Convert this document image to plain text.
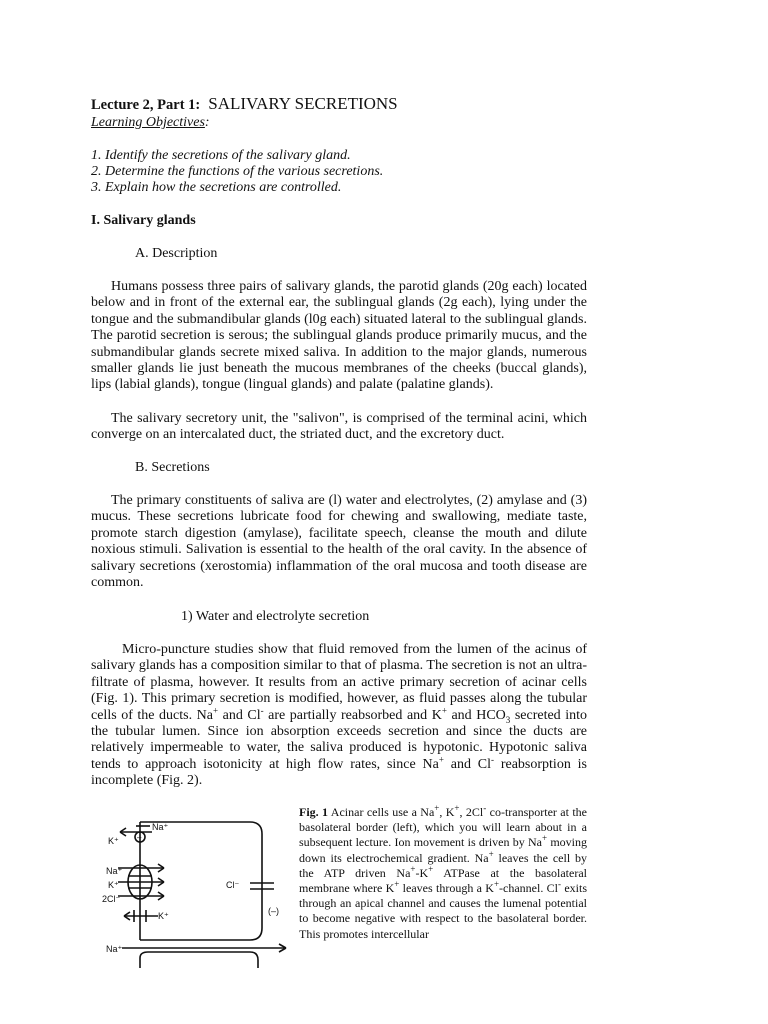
Lecture 2, Part 1: SALIVARY SECRETIONS
Learning Objectives:
1. Identify the secretions of the salivary gland.
2. Determine the functions of the various secretions.
3. Explain how the secretions are controlled.
I. Salivary glands
A. Description

Humans possess three pairs of salivary glands, the parotid glands (20g each) located below and in front of the external ear, the sublingual glands (2g each), lying under the tongue and the submandibular glands (l0g each) situated lateral to the sublingual glands. The parotid secretion is serous; the sublingual glands produce primarily mucus, and the submandibular glands secrete mixed saliva. In addition to the major glands, numerous smaller glands lie just beneath the mucous membranes of the cheeks (buccal glands), lips (labial glands), tongue (lingual glands) and palate (palatine glands).

The salivary secretory unit, the "salivon", is comprised of the terminal acini, which converge on an intercalated duct, the striated duct, and the excretory duct.

B. Secretions

The primary constituents of saliva are (l) water and electrolytes, (2) amylase and (3) mucus. These secretions lubricate food for chewing and swallowing, mediate taste, promote starch digestion (amylase), facilitate speech, cleanse the mouth and dilute noxious stimuli. Salivation is essential to the health of the oral cavity. In the absence of salivary secretions (xerostomia) inflammation of the oral mucosa and tooth disease are common.

1) Water and electrolyte secretion

Micro-puncture studies show that fluid removed from the lumen of the acinus of salivary glands has a composition similar to that of plasma. The secretion is not an ultra-filtrate of plasma, however. It results from an active primary secretion of acinar cells (Fig. 1). This primary secretion is modified, however, as fluid passes along the tubular cells of the ducts. Na+ and Cl- are partially reabsorbed and K+ and $HCO_3$ secreted into the tubular lumen. Since ion absorption exceeds secretion and since the ducts are relatively impermeable to water, the saliva produced is hypotonic. Hypotonic saliva tends to approach isotonicity at high flow rates, since Na+ and Cl- reabsorption is incomplete (Fig. 2).

K⁺
Na⁺
Na⁺
K⁺
2Cl⁻
K⁺
Cl⁻
(–)
Na⁺
–
Fig. 1 Acinar cells use a Na+, K+, 2Cl- co-transporter at the basolateral border (left), which you will learn about in a subsequent lecture. Ion movement is driven by Na+ moving down its electrochemical gradient. Na+ leaves the cell by the ATP driven Na+-K+ ATPase at the basolateral membrane where K+ leaves through a K+-channel. Cl- exits through an apical channel and causes the lumenal potential to become negative with respect to the basolateral border. This promotes intercellular
